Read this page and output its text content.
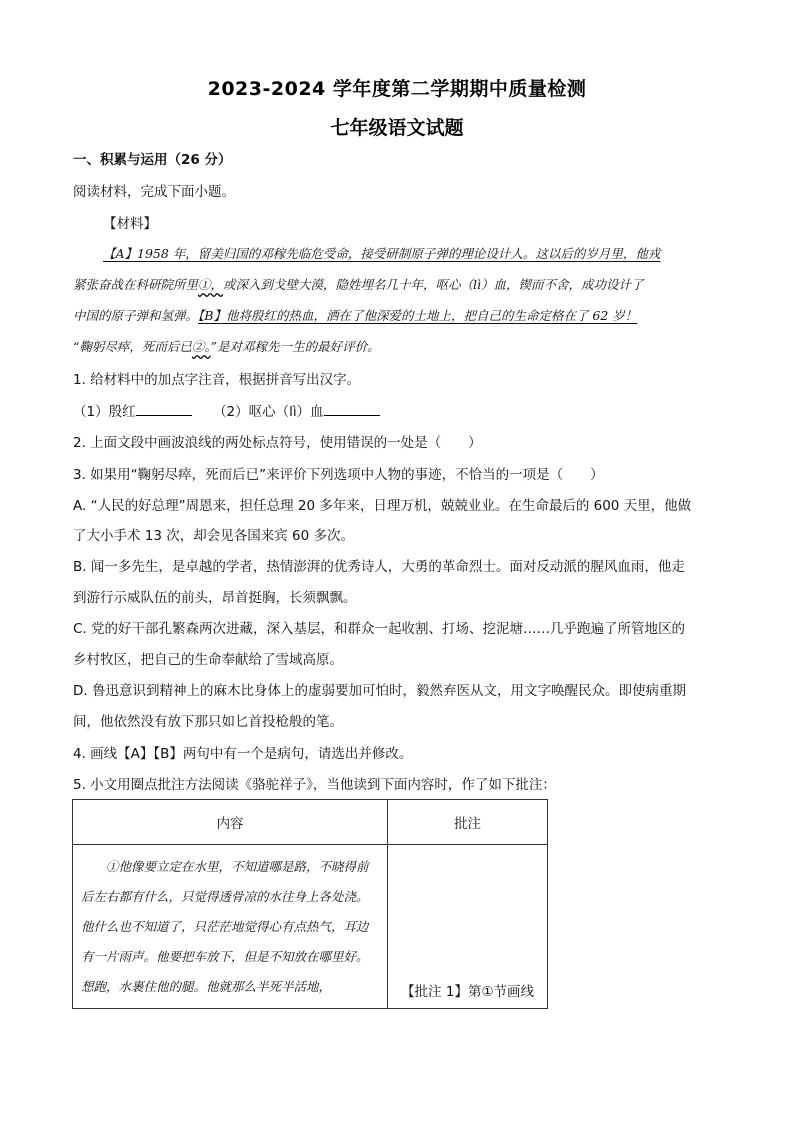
2023-2024 学年度第二学期期中质量检测
七年级语文试题
一、积累与运用（26 分）
阅读材料，完成下面小题。
【材料】
【A】1958 年，留美归国的邓稼先临危受命，接受研制原子弹的理论设计人。这以后的岁月里，他戎
紧张奋战在科研院所里①，或深入到戈壁大漠，隐姓埋名几十年，呕心（lì）血，锲而不舍，成功设计了
中国的原子弹和氢弹。【B】他将殷红的热血，洒在了他深爱的土地上，把自己的生命定格在了 62 岁！
“鞠躬尽瘁，死而后已②。”是对邓稼先一生的最好评价。
1. 给材料中的加点字注音，根据拼音写出汉字。
（1）殷红	（2）呕心（lì）血
2. 上面文段中画波浪线的两处标点符号，使用错误的一处是（　　）
3. 如果用“鞠躬尽瘁，死而后已”来评价下列选项中人物的事迹，不恰当的一项是（　　）
A. “人民的好总理”周恩来，担任总理 20 多年来，日理万机，兢兢业业。在生命最后的 600 天里，他做
了大小手术 13 次，却会见各国来宾 60 多次。
B. 闻一多先生，是卓越的学者，热情澎湃的优秀诗人，大勇的革命烈士。面对反动派的腥风血雨，他走
到游行示威队伍的前头，昂首挺胸，长须飘飘。
C. 党的好干部孔繁森两次进藏，深入基层，和群众一起收割、打场、挖泥塘……几乎跑遍了所管地区的
乡村牧区，把自己的生命奉献给了雪域高原。
D. 鲁迅意识到精神上的麻木比身体上的虚弱要加可怕时，毅然弃医从文，用文字唤醒民众。即使病重期
间，他依然没有放下那只如匕首投枪般的笔。
4. 画线【A】【B】两句中有一个是病句，请选出并修改。
5. 小文用圈点批注方法阅读《骆驼祥子》，当他读到下面内容时，作了如下批注：
内容	批注
①他像要立定在水里，不知道哪是路，不晓得前后左右都有什么，只觉得透骨凉的水往身上各处浇。他什么也不知道了，只茫茫地觉得心有点热气，耳边有一片雨声。他要把车放下，但是不知放在哪里好。想跑，水裹住他的腿。他就那么半死半活地，	【批注 1】第①节画线
